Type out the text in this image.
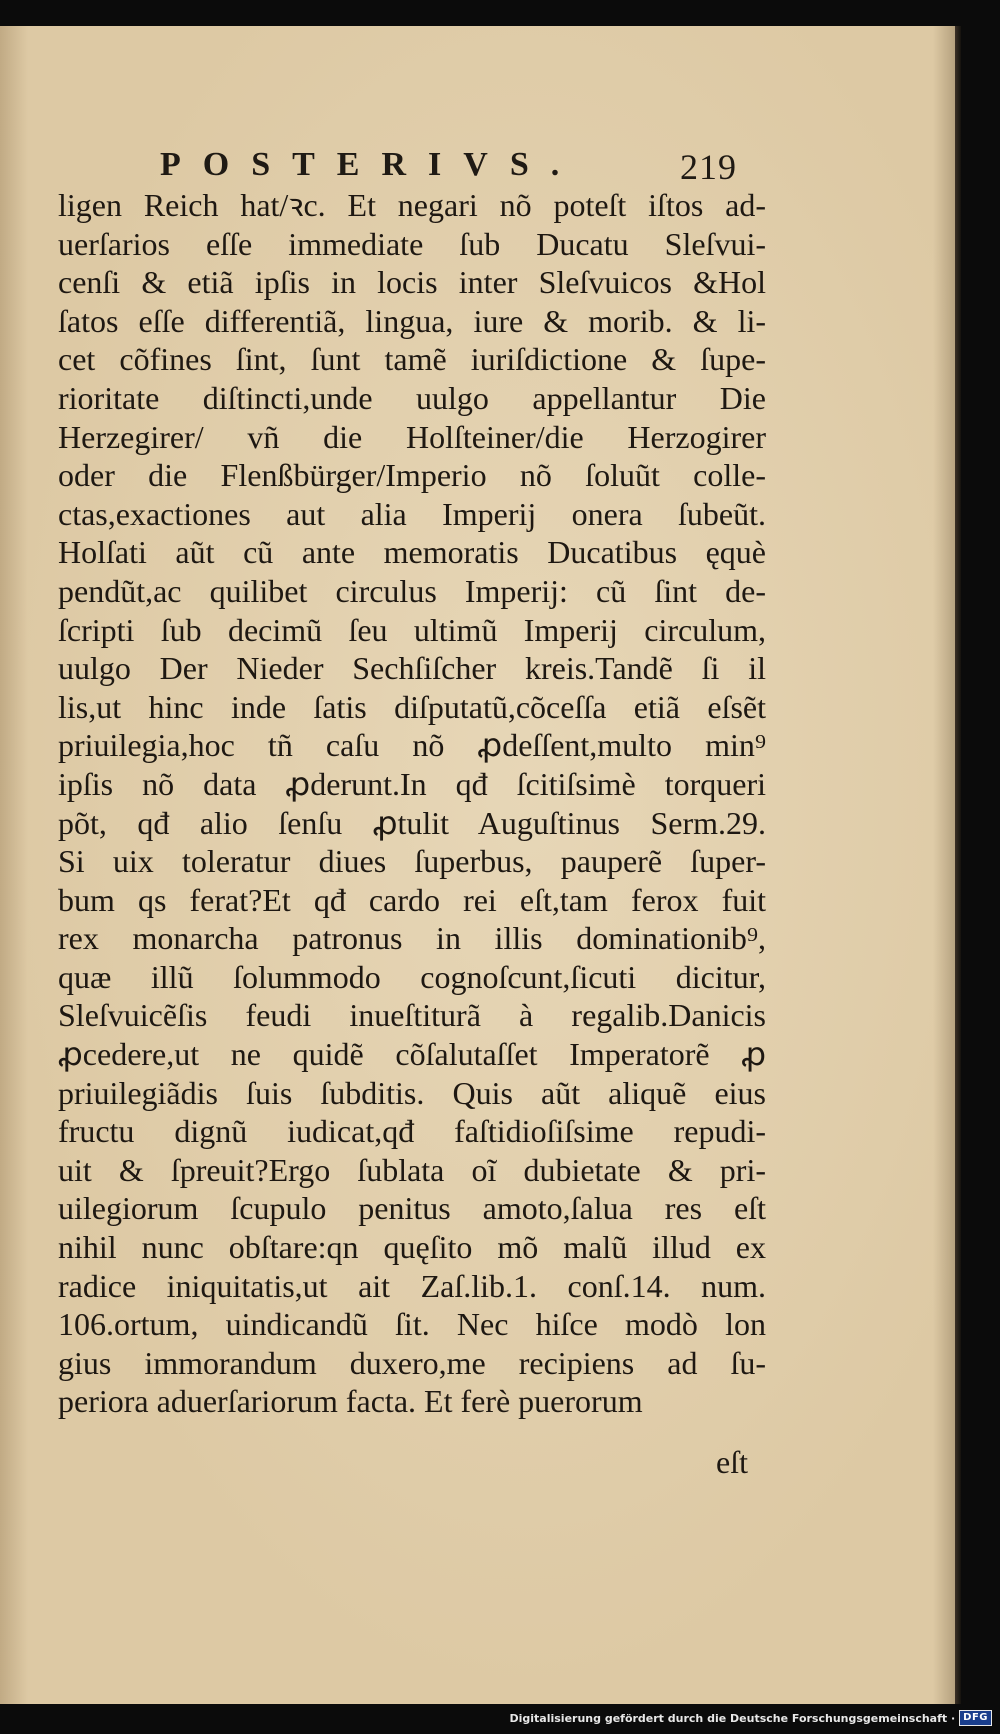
POSTERIVS.	219
ligen Reich hat/ꝛc. Et negari nõ poteſt iſtos ad-
uerſarios eſſe immediate ſub Ducatu Sleſvui-
cenſi & etiã ipſis in locis inter Sleſvuicos &Hol
ſatos eſſe differentiã, lingua, iure & morib. & li-
cet cõfines ſint, ſunt tamẽ iuriſdictione & ſupe-
rioritate diſtincti,unde uulgo appellantur Die
Herzegirer/ vñ die Holſteiner/die Herzogirer
oder die Flenßbürger/Imperio nõ ſoluũt colle-
ctas,exactiones aut alia Imperij onera ſubeũt.
Holſati aũt cũ ante memoratis Ducatibus ęquè
pendũt,ac quilibet circulus Imperij: cũ ſint de-
ſcripti ſub decimũ ſeu ultimũ Imperij circulum,
uulgo Der Nieder Sechſiſcher kreis.Tandẽ ſi il
lis,ut hinc inde ſatis diſputatũ,cõceſſa etiã eſsẽt
priuilegia,hoc tñ caſu nõ ꝓdeſſent,multo min⁹
ipſis nõ data ꝓderunt.In qđ ſcitiſsimè torqueri
põt, qđ alio ſenſu ꝓtulit Auguſtinus Serm.29.
Si uix toleratur diues ſuperbus, pauperẽ ſuper-
bum qs ferat?Et qđ cardo rei eſt,tam ferox fuit
rex monarcha patronus in illis dominationib⁹,
quæ illũ ſolummodo cognoſcunt,ſicuti dicitur,
Sleſvuicẽſis feudi inueſtiturã à regalib.Danicis
ꝓcedere,ut ne quidẽ cõſalutaſſet Imperatorẽ ꝓ
priuilegiãdis ſuis ſubditis. Quis aũt aliquẽ eius
fructu dignũ iudicat,qđ faſtidioſiſsime repudi-
uit & ſpreuit?Ergo ſublata oĩ dubietate & pri-
uilegiorum ſcupulo penitus amoto,ſalua res eſt
nihil nunc obſtare:qn quęſito mõ malũ illud ex
radice iniquitatis,ut ait Zaſ.lib.1. conſ.14. num.
106.ortum, uindicandũ ſit. Nec hiſce modò lon
gius immorandum duxero,me recipiens ad ſu-
periora aduerſariorum facta. Et ferè puerorum
eſt
Digitalisierung gefördert durch die Deutsche Forschungsgemeinschaft · DFG
